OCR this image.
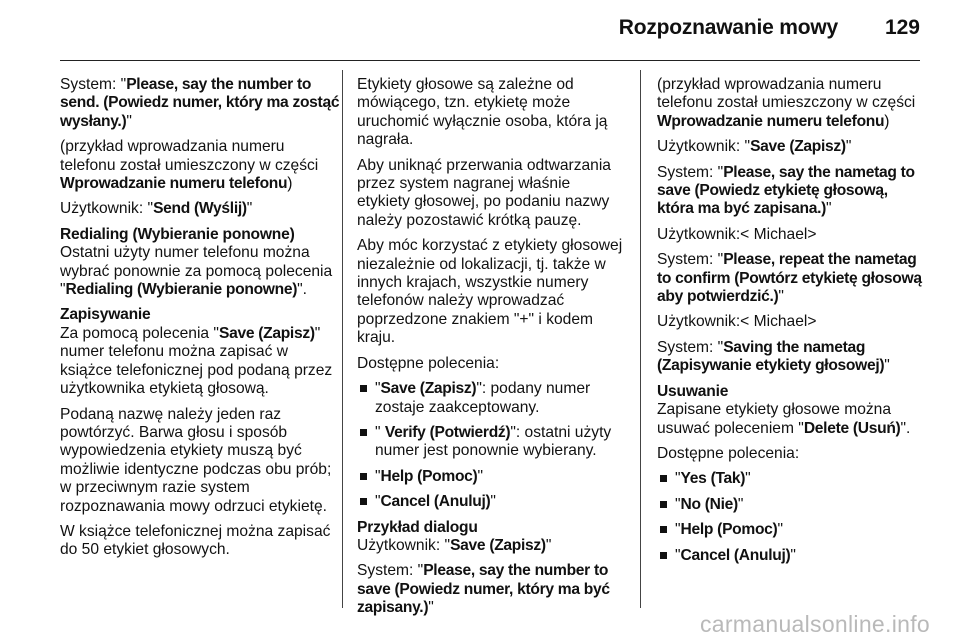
Rozpoznawanie mowy 129

System: "Please, say the number to send. (Powiedz numer, który ma zostąć wysłany.)"

(przykład wprowadzania numeru telefonu został umieszczony w części Wprowadzanie numeru telefonu)

Użytkownik: "Send (Wyślij)"

Redialing (Wybieranie ponowne)

Ostatni użyty numer telefonu można wybrać ponownie za pomocą polecenia "Redialing (Wybieranie ponowne)".

Zapisywanie

Za pomocą polecenia "Save (Zapisz)" numer telefonu można zapisać w książce telefonicznej pod podaną przez użytkownika etykietą głosową.

Podaną nazwę należy jeden raz powtórzyć. Barwa głosu i sposób wypowiedzenia etykiety muszą być możliwie identyczne podczas obu prób; w przeciwnym razie system rozpoznawania mowy odrzuci etykietę.

W książce telefonicznej można zapisać do 50 etykiet głosowych.

Etykiety głosowe są zależne od mówiącego, tzn. etykietę może uruchomić wyłącznie osoba, która ją nagrała.

Aby uniknąć przerwania odtwarzania przez system nagranej właśnie etykiety głosowej, po podaniu nazwy należy pozostawić krótką pauzę.

Aby móc korzystać z etykiety głosowej niezależnie od lokalizacji, tj. także w innych krajach, wszystkie numery telefonów należy wprowadzać poprzedzone znakiem "+" i kodem kraju.

Dostępne polecenia:

"Save (Zapisz)": podany numer zostaje zaakceptowany.
" Verify (Potwierdź)": ostatni użyty numer jest ponownie wybierany.
"Help (Pomoc)"
"Cancel (Anuluj)"

Przykład dialogu

Użytkownik: "Save (Zapisz)"

System: "Please, say the number to save (Powiedz numer, który ma być zapisany.)"

(przykład wprowadzania numeru telefonu został umieszczony w części Wprowadzanie numeru telefonu)

Użytkownik: "Save (Zapisz)"

System: "Please, say the nametag to save (Powiedz etykietę głosową, która ma być zapisana.)"

Użytkownik:< Michael>

System: "Please, repeat the nametag to confirm (Powtórz etykietę głosową aby potwierdzić.)"

Użytkownik:< Michael>

System: "Saving the nametag (Zapisywanie etykiety głosowej)"

Usuwanie

Zapisane etykiety głosowe można usuwać poleceniem "Delete (Usuń)".

Dostępne polecenia:

"Yes (Tak)"
"No (Nie)"
"Help (Pomoc)"
"Cancel (Anuluj)"
carmanualsonline.info
